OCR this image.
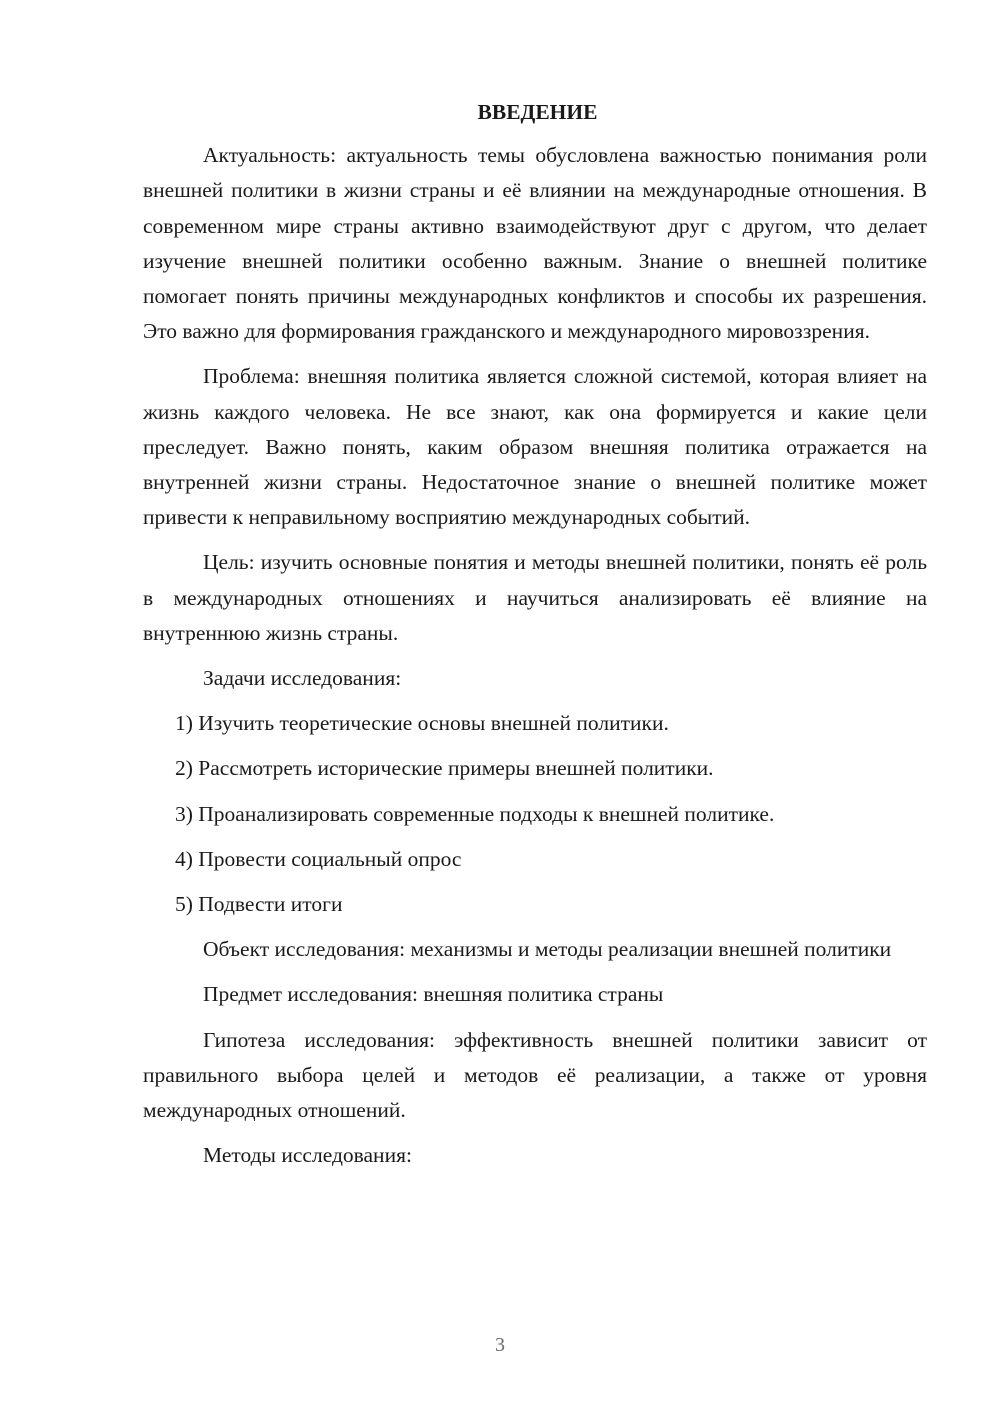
ВВЕДЕНИЕ

Актуальность: актуальность темы обусловлена важностью понимания роли внешней политики в жизни страны и её влиянии на международные отношения. В современном мире страны активно взаимодействуют друг с другом, что делает изучение внешней политики особенно важным. Знание о внешней политике помогает понять причины международных конфликтов и способы их разрешения. Это важно для формирования гражданского и международного мировоззрения.

Проблема: внешняя политика является сложной системой, которая влияет на жизнь каждого человека. Не все знают, как она формируется и какие цели преследует. Важно понять, каким образом внешняя политика отражается на внутренней жизни страны. Недостаточное знание о внешней политике может привести к неправильному восприятию международных событий.

Цель: изучить основные понятия и методы внешней политики, понять её роль в международных отношениях и научиться анализировать её влияние на внутреннюю жизнь страны.

Задачи исследования:

1) Изучить теоретические основы внешней политики.

2) Рассмотреть исторические примеры внешней политики.

3) Проанализировать современные подходы к внешней политике.

4) Провести социальный опрос

5) Подвести итоги

Объект исследования: механизмы и методы реализации внешней политики

Предмет исследования: внешняя политика страны

Гипотеза исследования: эффективность внешней политики зависит от правильного выбора целей и методов её реализации, а также от уровня международных отношений.

Методы исследования:

3
